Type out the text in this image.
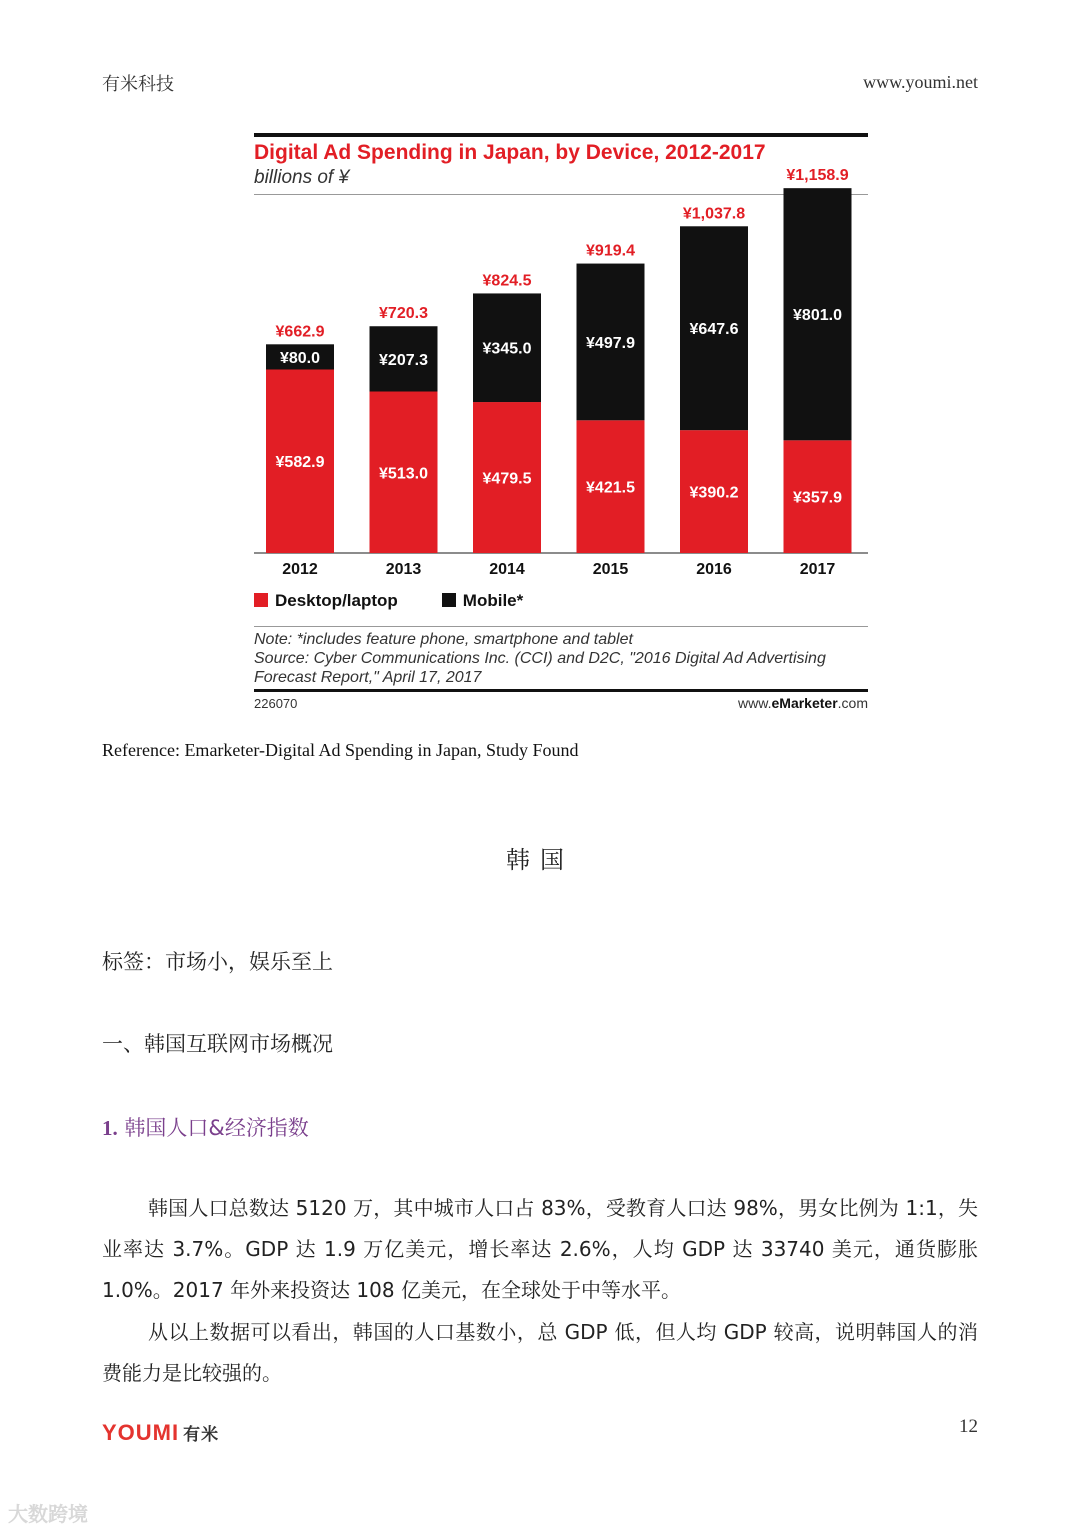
有米科技	www.youmi.net
Digital Ad Spending in Japan, by Device, 2012-2017
billions of ¥
¥582.9
¥80.0
¥662.9
2012
¥513.0
¥207.3
¥720.3
2013
¥479.5
¥345.0
¥824.5
2014
¥421.5
¥497.9
¥919.4
2015
¥390.2
¥647.6
¥1,037.8
2016
¥357.9
¥801.0
¥1,158.9
2017
Desktop/laptop	Mobile*
Note: *includes feature phone, smartphone and tablet
Source: Cyber Communications Inc. (CCI) and D2C, "2016 Digital Ad Advertising Forecast Report," April 17, 2017
226070	www.eMarketer.com
Reference: Emarketer-Digital Ad Spending in Japan, Study Found
韩国
标签：市场小，娱乐至上
一、韩国互联网市场概况
1. 韩国人口&经济指数
韩国人口总数达 5120 万，其中城市人口占 83%，受教育人口达 98%，男女比例为 1:1，失业率达 3.7%。GDP 达 1.9 万亿美元，增长率达 2.6%，人均 GDP 达 33740 美元，通货膨胀 1.0%。2017 年外来投资达 108 亿美元，在全球处于中等水平。
从以上数据可以看出，韩国的人口基数小，总 GDP 低，但人均 GDP 较高，说明韩国人的消费能力是比较强的。
YOUMI 有米	12
大数跨境
